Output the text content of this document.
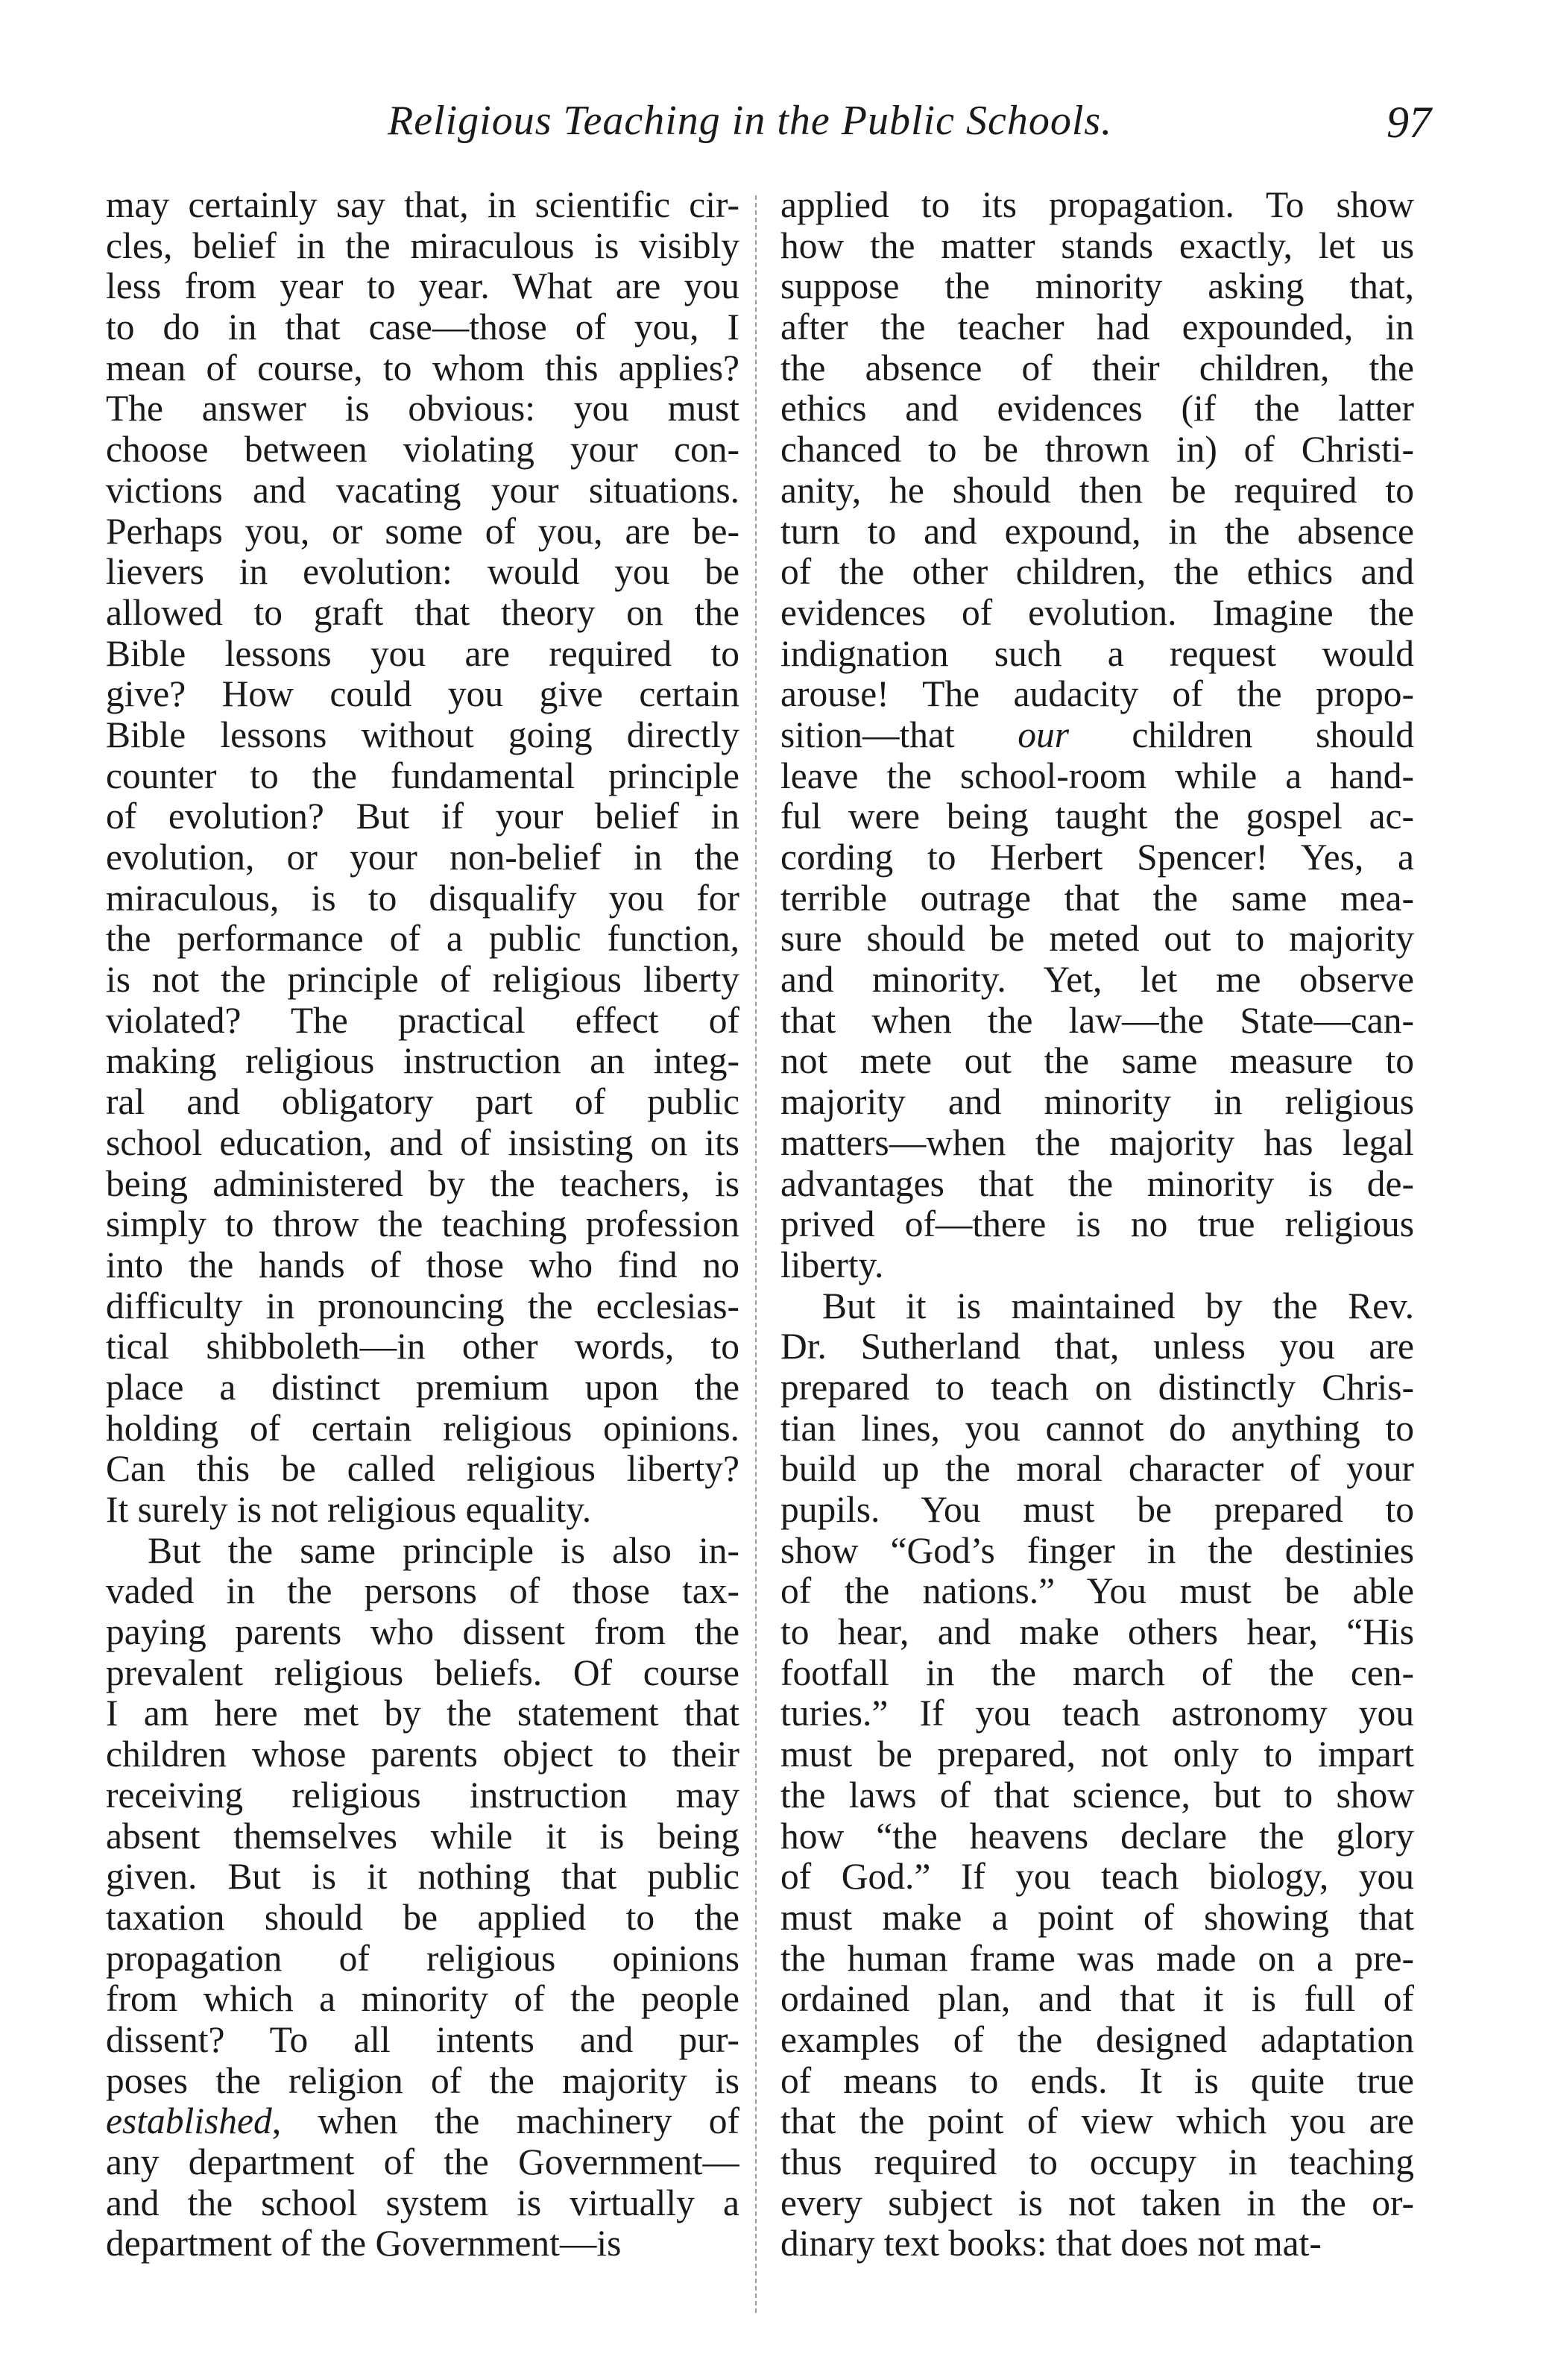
Religious Teaching in the Public Schools.	97
may certainly say that, in scientific cir-
cles, belief in the miraculous is visibly
less from year to year. What are you
to do in that case—those of you, I
mean of course, to whom this applies?
The answer is obvious: you must
choose between violating your con-
victions and vacating your situations.
Perhaps you, or some of you, are be-
lievers in evolution: would you be
allowed to graft that theory on the
Bible lessons you are required to
give? How could you give certain
Bible lessons without going directly
counter to the fundamental principle
of evolution? But if your belief in
evolution, or your non-belief in the
miraculous, is to disqualify you for
the performance of a public function,
is not the principle of religious liberty
violated? The practical effect of
making religious instruction an integ-
ral and obligatory part of public
school education, and of insisting on its
being administered by the teachers, is
simply to throw the teaching profession
into the hands of those who find no
difficulty in pronouncing the ecclesias-
tical shibboleth—in other words, to
place a distinct premium upon the
holding of certain religious opinions.
Can this be called religious liberty?
It surely is not religious equality.
But the same principle is also in-
vaded in the persons of those tax-
paying parents who dissent from the
prevalent religious beliefs. Of course
I am here met by the statement that
children whose parents object to their
receiving religious instruction may
absent themselves while it is being
given. But is it nothing that public
taxation should be applied to the
propagation of religious opinions
from which a minority of the people
dissent? To all intents and pur-
poses the religion of the majority is
established, when the machinery of
any department of the Government—
and the school system is virtually a
department of the Government—is
applied to its propagation. To show
how the matter stands exactly, let us
suppose the minority asking that,
after the teacher had expounded, in
the absence of their children, the
ethics and evidences (if the latter
chanced to be thrown in) of Christi-
anity, he should then be required to
turn to and expound, in the absence
of the other children, the ethics and
evidences of evolution. Imagine the
indignation such a request would
arouse! The audacity of the propo-
sition—that our children should
leave the school-room while a hand-
ful were being taught the gospel ac-
cording to Herbert Spencer! Yes, a
terrible outrage that the same mea-
sure should be meted out to majority
and minority. Yet, let me observe
that when the law—the State—can-
not mete out the same measure to
majority and minority in religious
matters—when the majority has legal
advantages that the minority is de-
prived of—there is no true religious
liberty.
But it is maintained by the Rev.
Dr. Sutherland that, unless you are
prepared to teach on distinctly Chris-
tian lines, you cannot do anything to
build up the moral character of your
pupils. You must be prepared to
show “God’s finger in the destinies
of the nations.” You must be able
to hear, and make others hear, “His
footfall in the march of the cen-
turies.” If you teach astronomy you
must be prepared, not only to impart
the laws of that science, but to show
how “the heavens declare the glory
of God.” If you teach biology, you
must make a point of showing that
the human frame was made on a pre-
ordained plan, and that it is full of
examples of the designed adaptation
of means to ends. It is quite true
that the point of view which you are
thus required to occupy in teaching
every subject is not taken in the or-
dinary text books: that does not mat-
